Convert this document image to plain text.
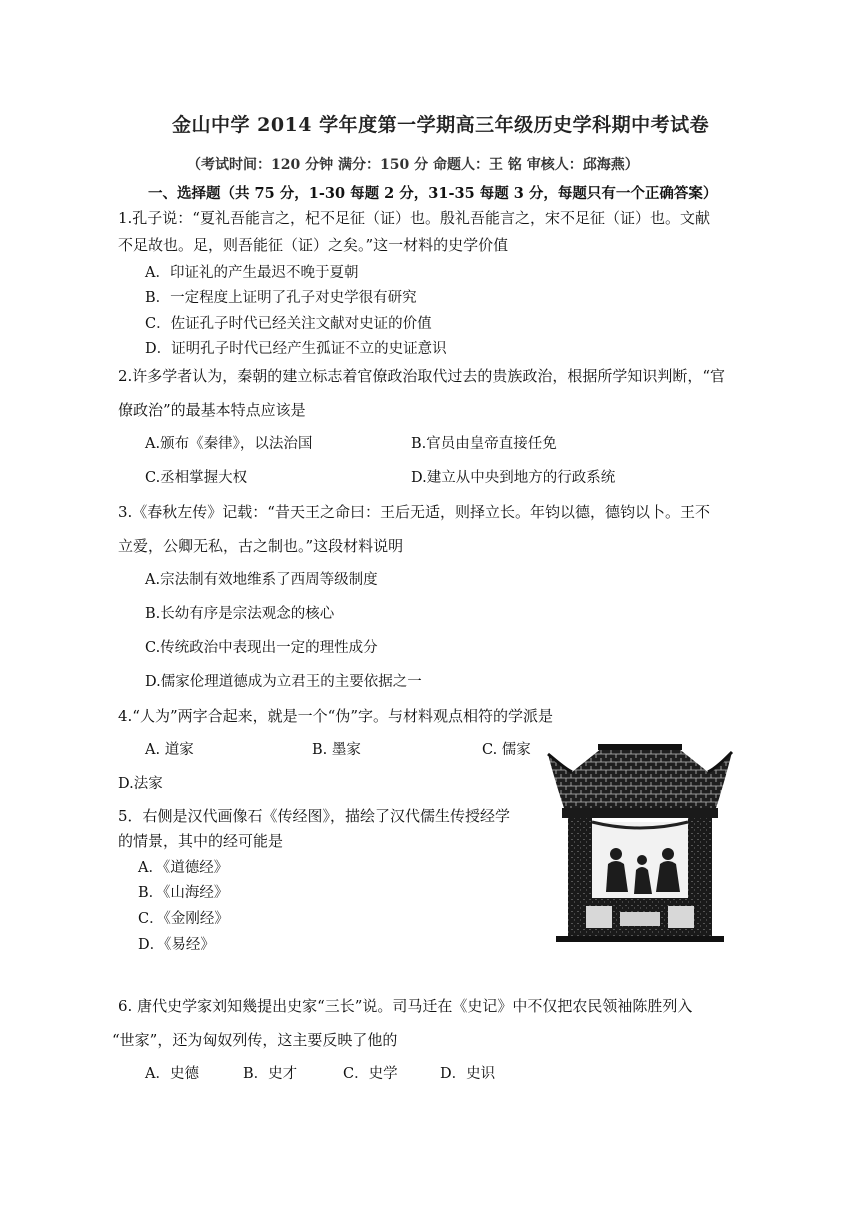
金山中学 2014 学年度第一学期高三年级历史学科期中考试卷
（考试时间：120 分钟 满分：150 分 命题人：王 铭 审核人：邱海燕）
一、选择题（共 75 分，1-30 每题 2 分，31-35 每题 3 分，每题只有一个正确答案）
1.孔子说：“夏礼吾能言之，杞不足征（证）也。殷礼吾能言之，宋不足征（证）也。文献
不足故也。足，则吾能征（证）之矣。”这一材料的史学价值
A．印证礼的产生最迟不晚于夏朝
B．一定程度上证明了孔子对史学很有研究
C．佐证孔子时代已经关注文献对史证的价值
D．证明孔子时代已经产生孤证不立的史证意识
2.许多学者认为，秦朝的建立标志着官僚政治取代过去的贵族政治，根据所学知识判断，“官
僚政治”的最基本特点应该是
A.颁布《秦律》，以法治国	B.官员由皇帝直接任免
C.丞相掌握大权	D.建立从中央到地方的行政系统
3.《春秋左传》记载：“昔天王之命曰：王后无适，则择立长。年钧以德，德钧以卜。王不
立爱，公卿无私，古之制也。”这段材料说明
A.宗法制有效地维系了西周等级制度
B.长幼有序是宗法观念的核心
C.传统政治中表现出一定的理性成分
D.儒家伦理道德成为立君王的主要依据之一
4.“人为”两字合起来，就是一个“伪”字。与材料观点相符的学派是
A. 道家	B. 墨家	C. 儒家
D.法家
5．右侧是汉代画像石《传经图》，描绘了汉代儒生传授经学
的情景，其中的经可能是
A．《道德经》
B．《山海经》
C．《金刚经》
D．《易经》
6. 唐代史学家刘知幾提出史家“三长”说。司马迁在《史记》中不仅把农民领袖陈胜列入
“世家”，还为匈奴列传，这主要反映了他的
A．史德	B．史才	C．史学	D．史识
